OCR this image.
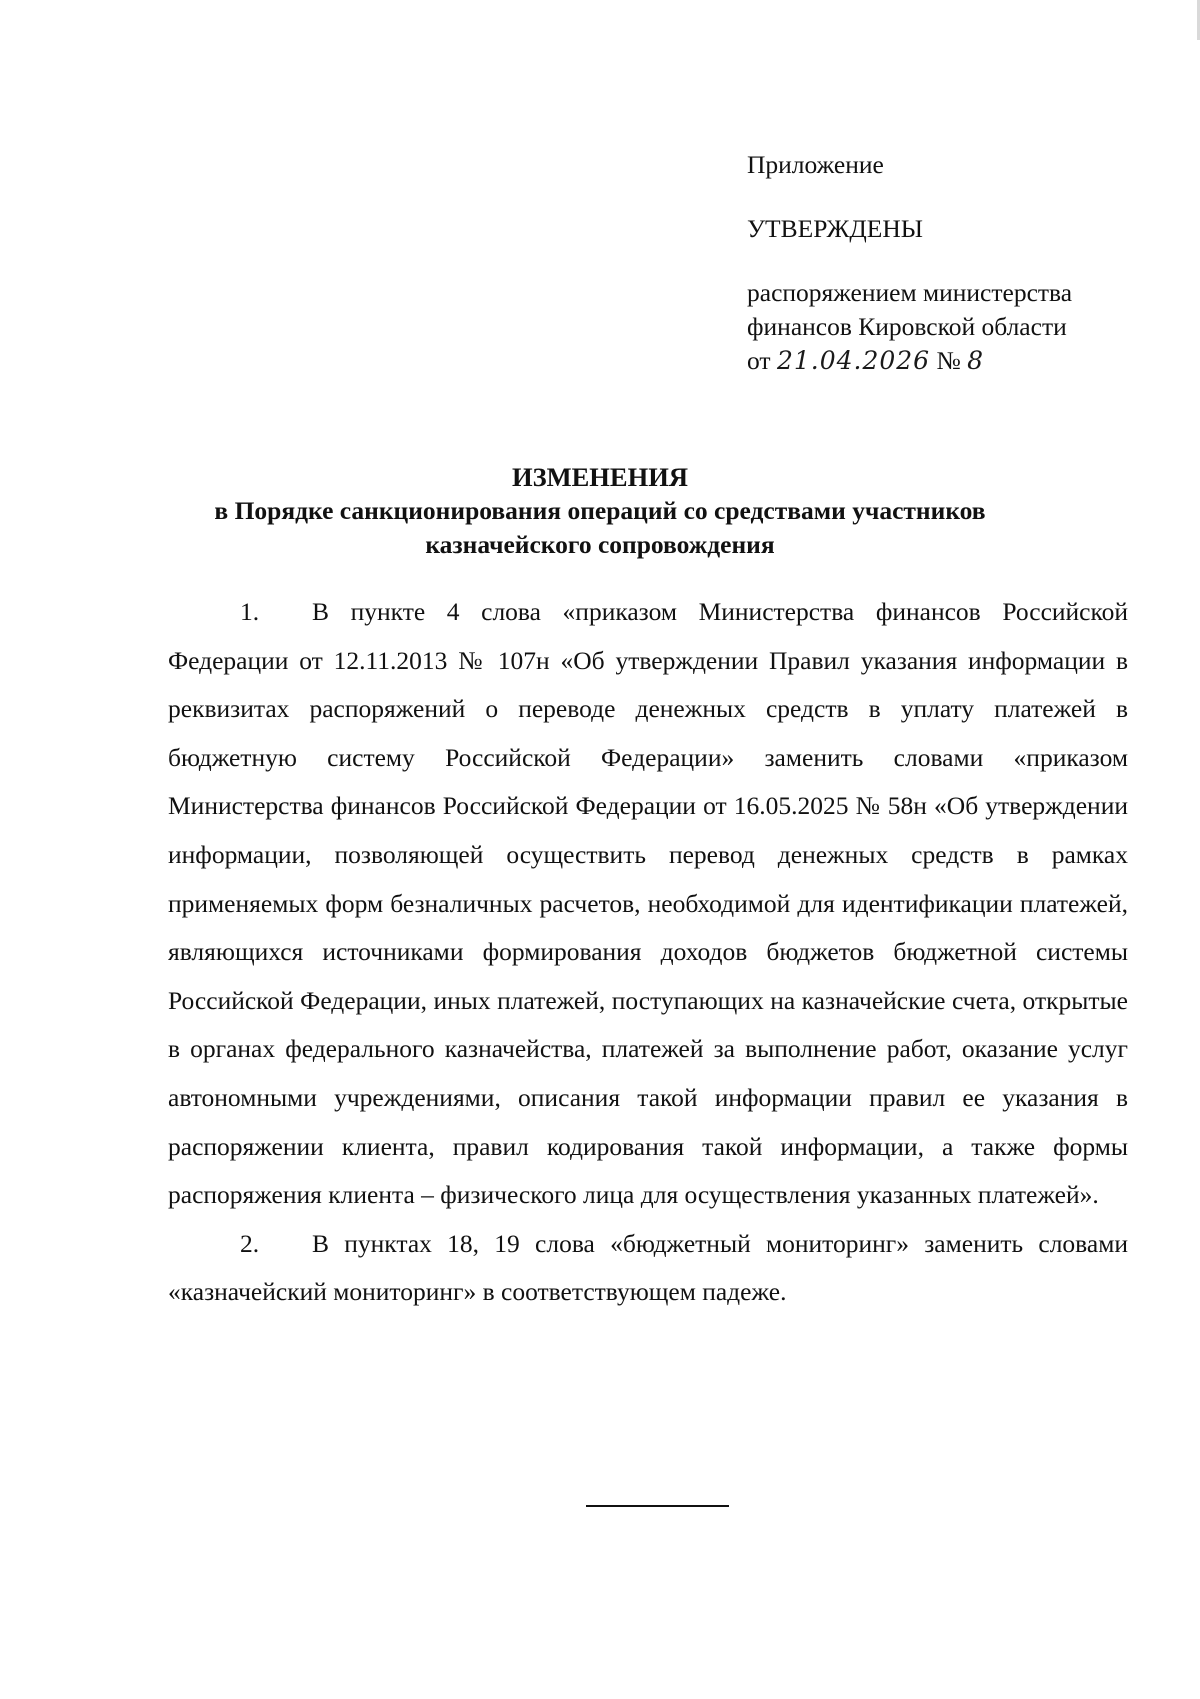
Приложение
УТВЕРЖДЕНЫ
распоряжением министерства
финансов Кировской области
от 21.04.2026 № 8
ИЗМЕНЕНИЯ
в Порядке санкционирования операций со средствами участников
казначейского сопровождения

1. В пункте 4 слова «приказом Министерства финансов Российской Федерации от 12.11.2013 № 107н «Об утверждении Правил указания информации в реквизитах распоряжений о переводе денежных средств в уплату платежей в бюджетную систему Российской Федерации» заменить словами «приказом Министерства финансов Российской Федерации от 16.05.2025 № 58н «Об утверждении информации, позволяющей осуществить перевод денежных средств в рамках применяемых форм безналичных расчетов, необходимой для идентификации платежей, являющихся источниками формирования доходов бюджетов бюджетной системы Российской Федерации, иных платежей, поступающих на казначейские счета, открытые в органах федерального казначейства, платежей за выполнение работ, оказание услуг автономными учреждениями, описания такой информации правил ее указания в распоряжении клиента, правил кодирования такой информации, а также формы распоряжения клиента – физического лица для осуществления указанных платежей».

2. В пунктах 18, 19 слова «бюджетный мониторинг» заменить словами «казначейский мониторинг» в соответствующем падеже.
